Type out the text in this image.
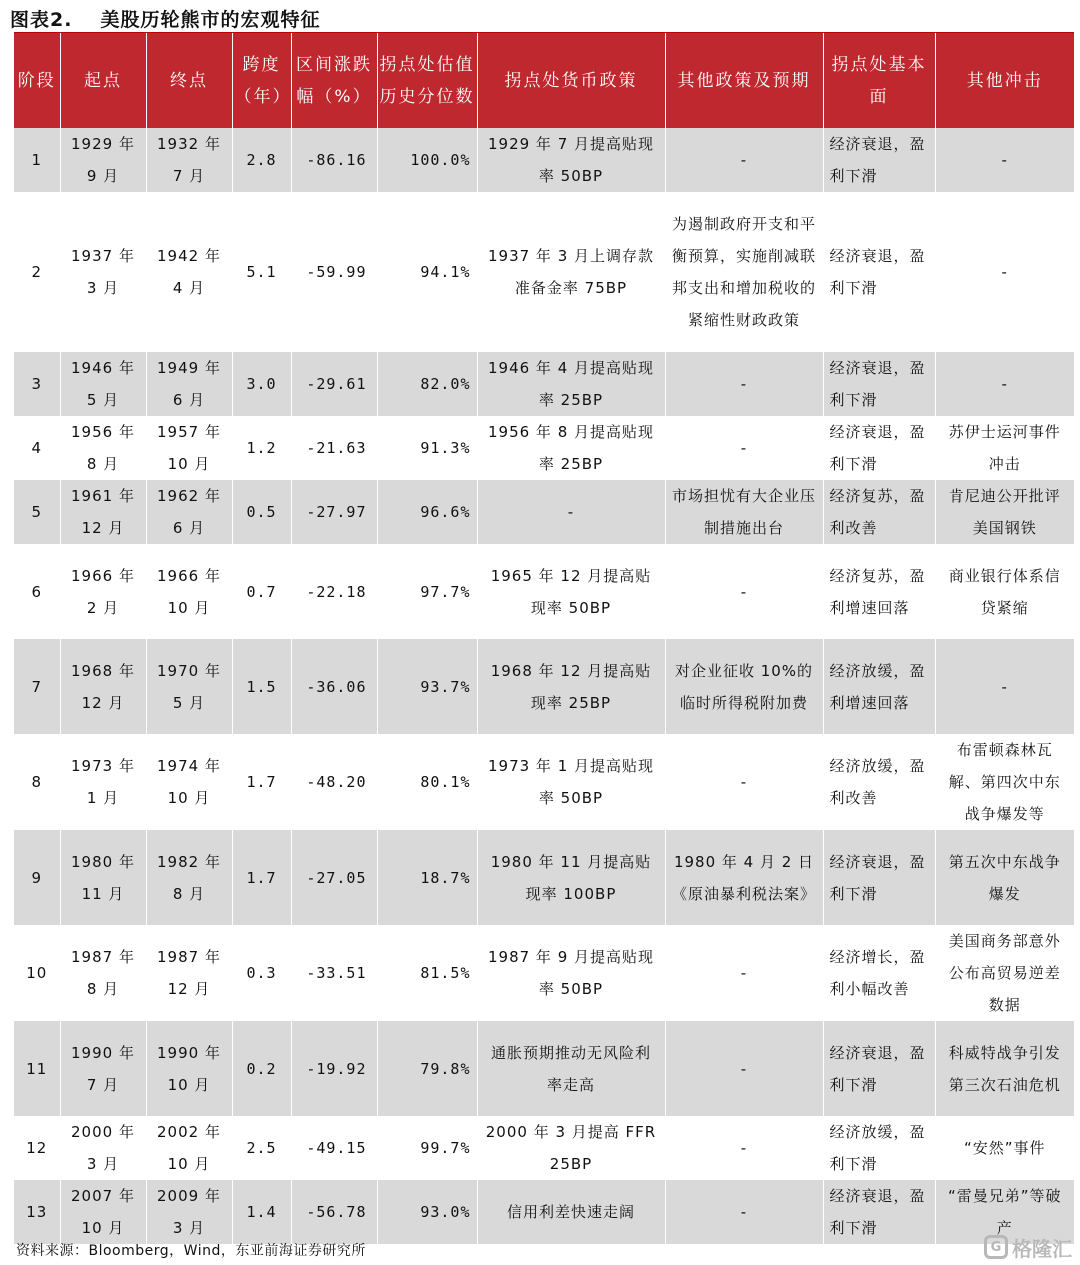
图表2. 美股历轮熊市的宏观特征
阶段	起点	终点	跨度（年）	区间涨跌幅（%）	拐点处估值历史分位数	拐点处货币政策	其他政策及预期	拐点处基本面	其他冲击
1	1929 年 9 月	1932 年 7 月	2.8	-86.16	100.0%	1929 年 7 月提高贴现率 50BP	-	经济衰退，盈利下滑	-
2	1937 年 3 月	1942 年 4 月	5.1	-59.99	94.1%	1937 年 3 月上调存款准备金率 75BP	为遏制政府开支和平衡预算，实施削减联邦支出和增加税收的紧缩性财政政策	经济衰退，盈利下滑	-
3	1946 年 5 月	1949 年 6 月	3.0	-29.61	82.0%	1946 年 4 月提高贴现率 25BP	-	经济衰退，盈利下滑	-
4	1956 年 8 月	1957 年 10 月	1.2	-21.63	91.3%	1956 年 8 月提高贴现率 25BP	-	经济衰退，盈利下滑	苏伊士运河事件冲击
5	1961 年 12 月	1962 年 6 月	0.5	-27.97	96.6%	-	市场担忧有大企业压制措施出台	经济复苏，盈利改善	肯尼迪公开批评美国钢铁
6	1966 年 2 月	1966 年 10 月	0.7	-22.18	97.7%	1965 年 12 月提高贴现率 50BP	-	经济复苏，盈利增速回落	商业银行体系信贷紧缩
7	1968 年 12 月	1970 年 5 月	1.5	-36.06	93.7%	1968 年 12 月提高贴现率 25BP	对企业征收 10%的临时所得税附加费	经济放缓，盈利增速回落	-
8	1973 年 1 月	1974 年 10 月	1.7	-48.20	80.1%	1973 年 1 月提高贴现率 50BP	-	经济放缓，盈利改善	布雷顿森林瓦解、第四次中东战争爆发等
9	1980 年 11 月	1982 年 8 月	1.7	-27.05	18.7%	1980 年 11 月提高贴现率 100BP	1980 年 4 月 2 日《原油暴利税法案》	经济衰退，盈利下滑	第五次中东战争爆发
10	1987 年 8 月	1987 年 12 月	0.3	-33.51	81.5%	1987 年 9 月提高贴现率 50BP	-	经济增长，盈利小幅改善	美国商务部意外公布高贸易逆差数据
11	1990 年 7 月	1990 年 10 月	0.2	-19.92	79.8%	通胀预期推动无风险利率走高	-	经济衰退，盈利下滑	科威特战争引发第三次石油危机
12	2000 年 3 月	2002 年 10 月	2.5	-49.15	99.7%	2000 年 3 月提高 FFR25BP	-	经济放缓，盈利下滑	“安然”事件
13	2007 年 10 月	2009 年 3 月	1.4	-56.78	93.0%	信用利差快速走阔	-	经济衰退，盈利下滑	“雷曼兄弟”等破产
资料来源：Bloomberg，Wind，东亚前海证券研究所	G 格隆汇
